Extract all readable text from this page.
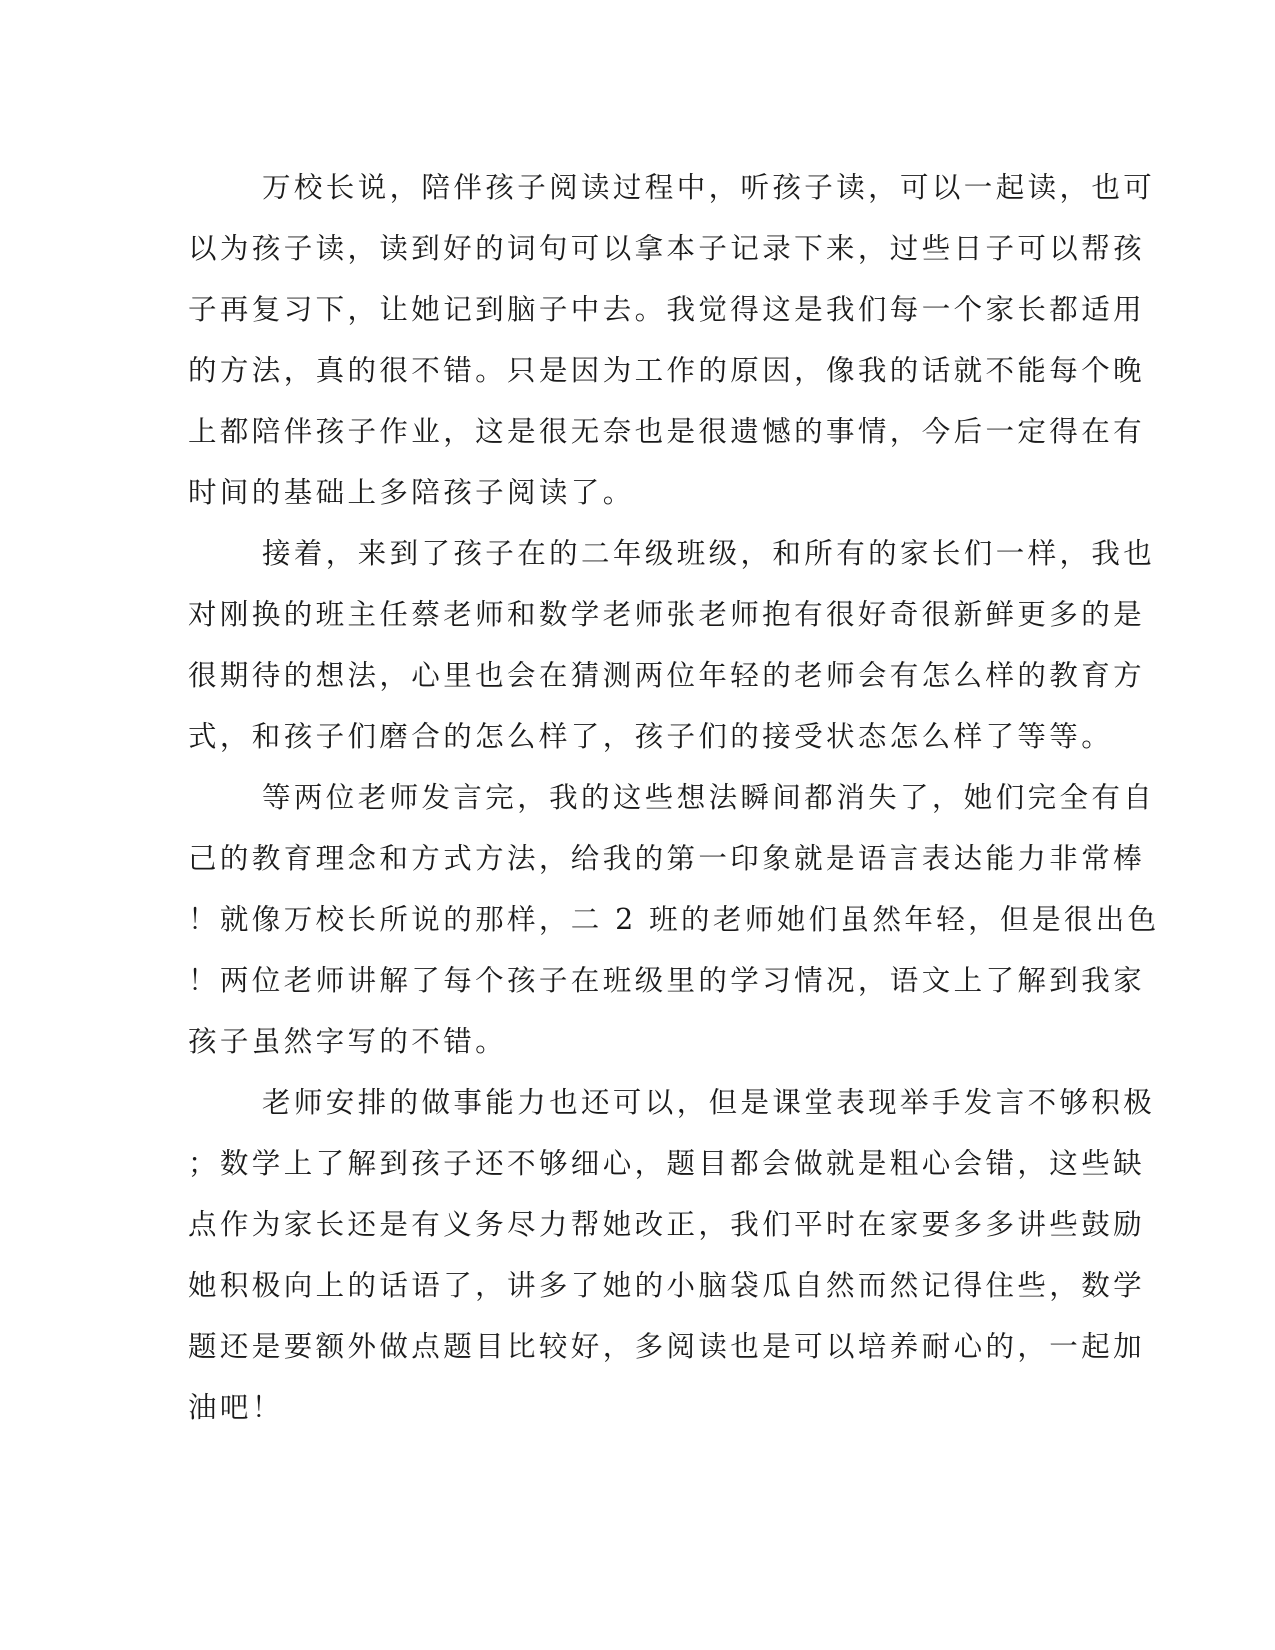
万校长说，陪伴孩子阅读过程中，听孩子读，可以一起读，也可
以为孩子读，读到好的词句可以拿本子记录下来，过些日子可以帮孩
子再复习下，让她记到脑子中去。我觉得这是我们每一个家长都适用
的方法，真的很不错。只是因为工作的原因，像我的话就不能每个晚
上都陪伴孩子作业，这是很无奈也是很遗憾的事情，今后一定得在有
时间的基础上多陪孩子阅读了。
接着，来到了孩子在的二年级班级，和所有的家长们一样，我也
对刚换的班主任蔡老师和数学老师张老师抱有很好奇很新鲜更多的是
很期待的想法，心里也会在猜测两位年轻的老师会有怎么样的教育方
式，和孩子们磨合的怎么样了，孩子们的接受状态怎么样了等等。
等两位老师发言完，我的这些想法瞬间都消失了，她们完全有自
己的教育理念和方式方法，给我的第一印象就是语言表达能力非常棒
！就像万校长所说的那样，二 2 班的老师她们虽然年轻，但是很出色
！两位老师讲解了每个孩子在班级里的学习情况，语文上了解到我家
孩子虽然字写的不错。
老师安排的做事能力也还可以，但是课堂表现举手发言不够积极
；数学上了解到孩子还不够细心，题目都会做就是粗心会错，这些缺
点作为家长还是有义务尽力帮她改正，我们平时在家要多多讲些鼓励
她积极向上的话语了，讲多了她的小脑袋瓜自然而然记得住些，数学
题还是要额外做点题目比较好，多阅读也是可以培养耐心的，一起加
油吧！
